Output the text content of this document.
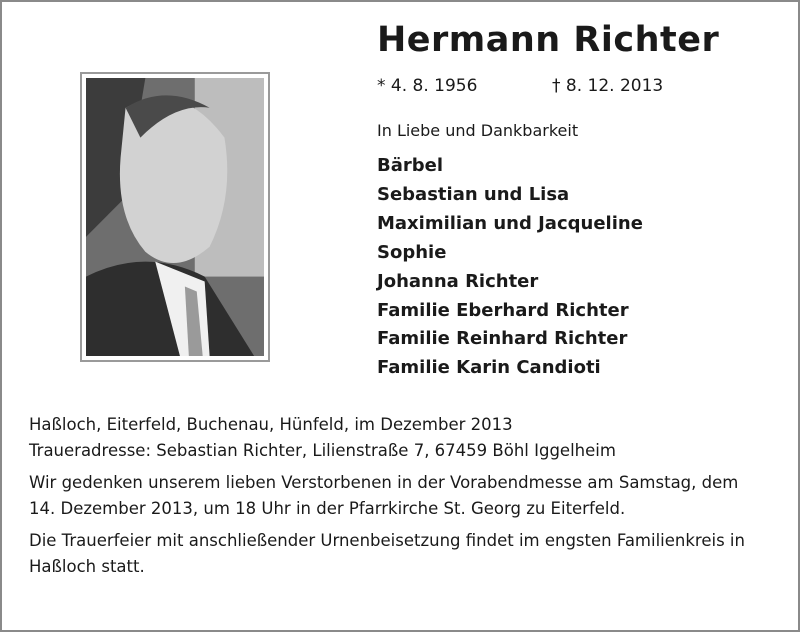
Hermann Richter
* 4. 8. 1956	† 8. 12. 2013
In Liebe und Dankbarkeit
Bärbel
Sebastian und Lisa
Maximilian und Jacqueline
Sophie
Johanna Richter
Familie Eberhard Richter
Familie Reinhard Richter
Familie Karin Candioti

Haßloch, Eiterfeld, Buchenau, Hünfeld, im Dezember 2013

Traueradresse: Sebastian Richter, Lilienstraße 7, 67459 Böhl Iggelheim

Wir gedenken unserem lieben Verstorbenen in der Vorabendmesse am Samstag, dem 14. Dezember 2013, um 18 Uhr in der Pfarrkirche St. Georg zu Eiterfeld.

Die Trauerfeier mit anschließender Urnenbeisetzung findet im engsten Familienkreis in Haßloch statt.
